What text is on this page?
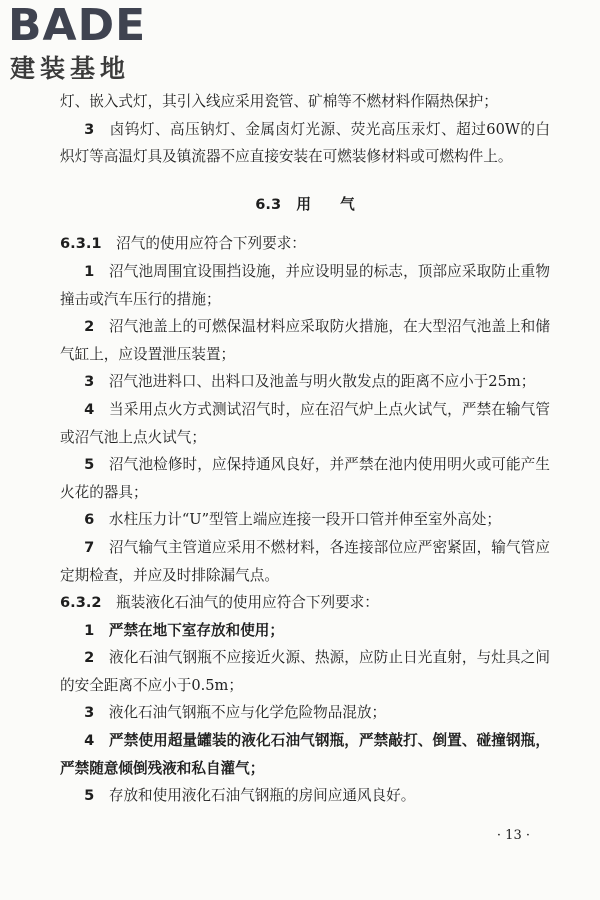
BADE
建装基地

灯、嵌入式灯，其引入线应采用瓷管、矿棉等不燃材料作隔热保护；

3　 卤钨灯、高压钠灯、金属卤灯光源、荧光高压汞灯、超过60W的白炽灯等高温灯具及镇流器不应直接安装在可燃装修材料或可燃构件上。

6.3 用　　气

6.3.1　 沼气的使用应符合下列要求：

1　 沼气池周围宜设围挡设施，并应设明显的标志，顶部应采取防止重物撞击或汽车压行的措施；

2　 沼气池盖上的可燃保温材料应采取防火措施，在大型沼气池盖上和储气缸上，应设置泄压装置；

3　 沼气池进料口、出料口及池盖与明火散发点的距离不应小于25m；

4　 当采用点火方式测试沼气时，应在沼气炉上点火试气，严禁在输气管或沼气池上点火试气；

5　 沼气池检修时，应保持通风良好，并严禁在池内使用明火或可能产生火花的器具；

6　 水柱压力计“U”型管上端应连接一段开口管并伸至室外高处；

7　 沼气输气主管道应采用不燃材料，各连接部位应严密紧固，输气管应定期检查，并应及时排除漏气点。

6.3.2　 瓶装液化石油气的使用应符合下列要求：

1　 严禁在地下室存放和使用；

2　 液化石油气钢瓶不应接近火源、热源，应防止日光直射，与灶具之间的安全距离不应小于0.5m；

3　 液化石油气钢瓶不应与化学危险物品混放；

4　 严禁使用超量罐装的液化石油气钢瓶，严禁敲打、倒置、碰撞钢瓶，严禁随意倾倒残液和私自灌气；

5　 存放和使用液化石油气钢瓶的房间应通风良好。

· 13 ·
